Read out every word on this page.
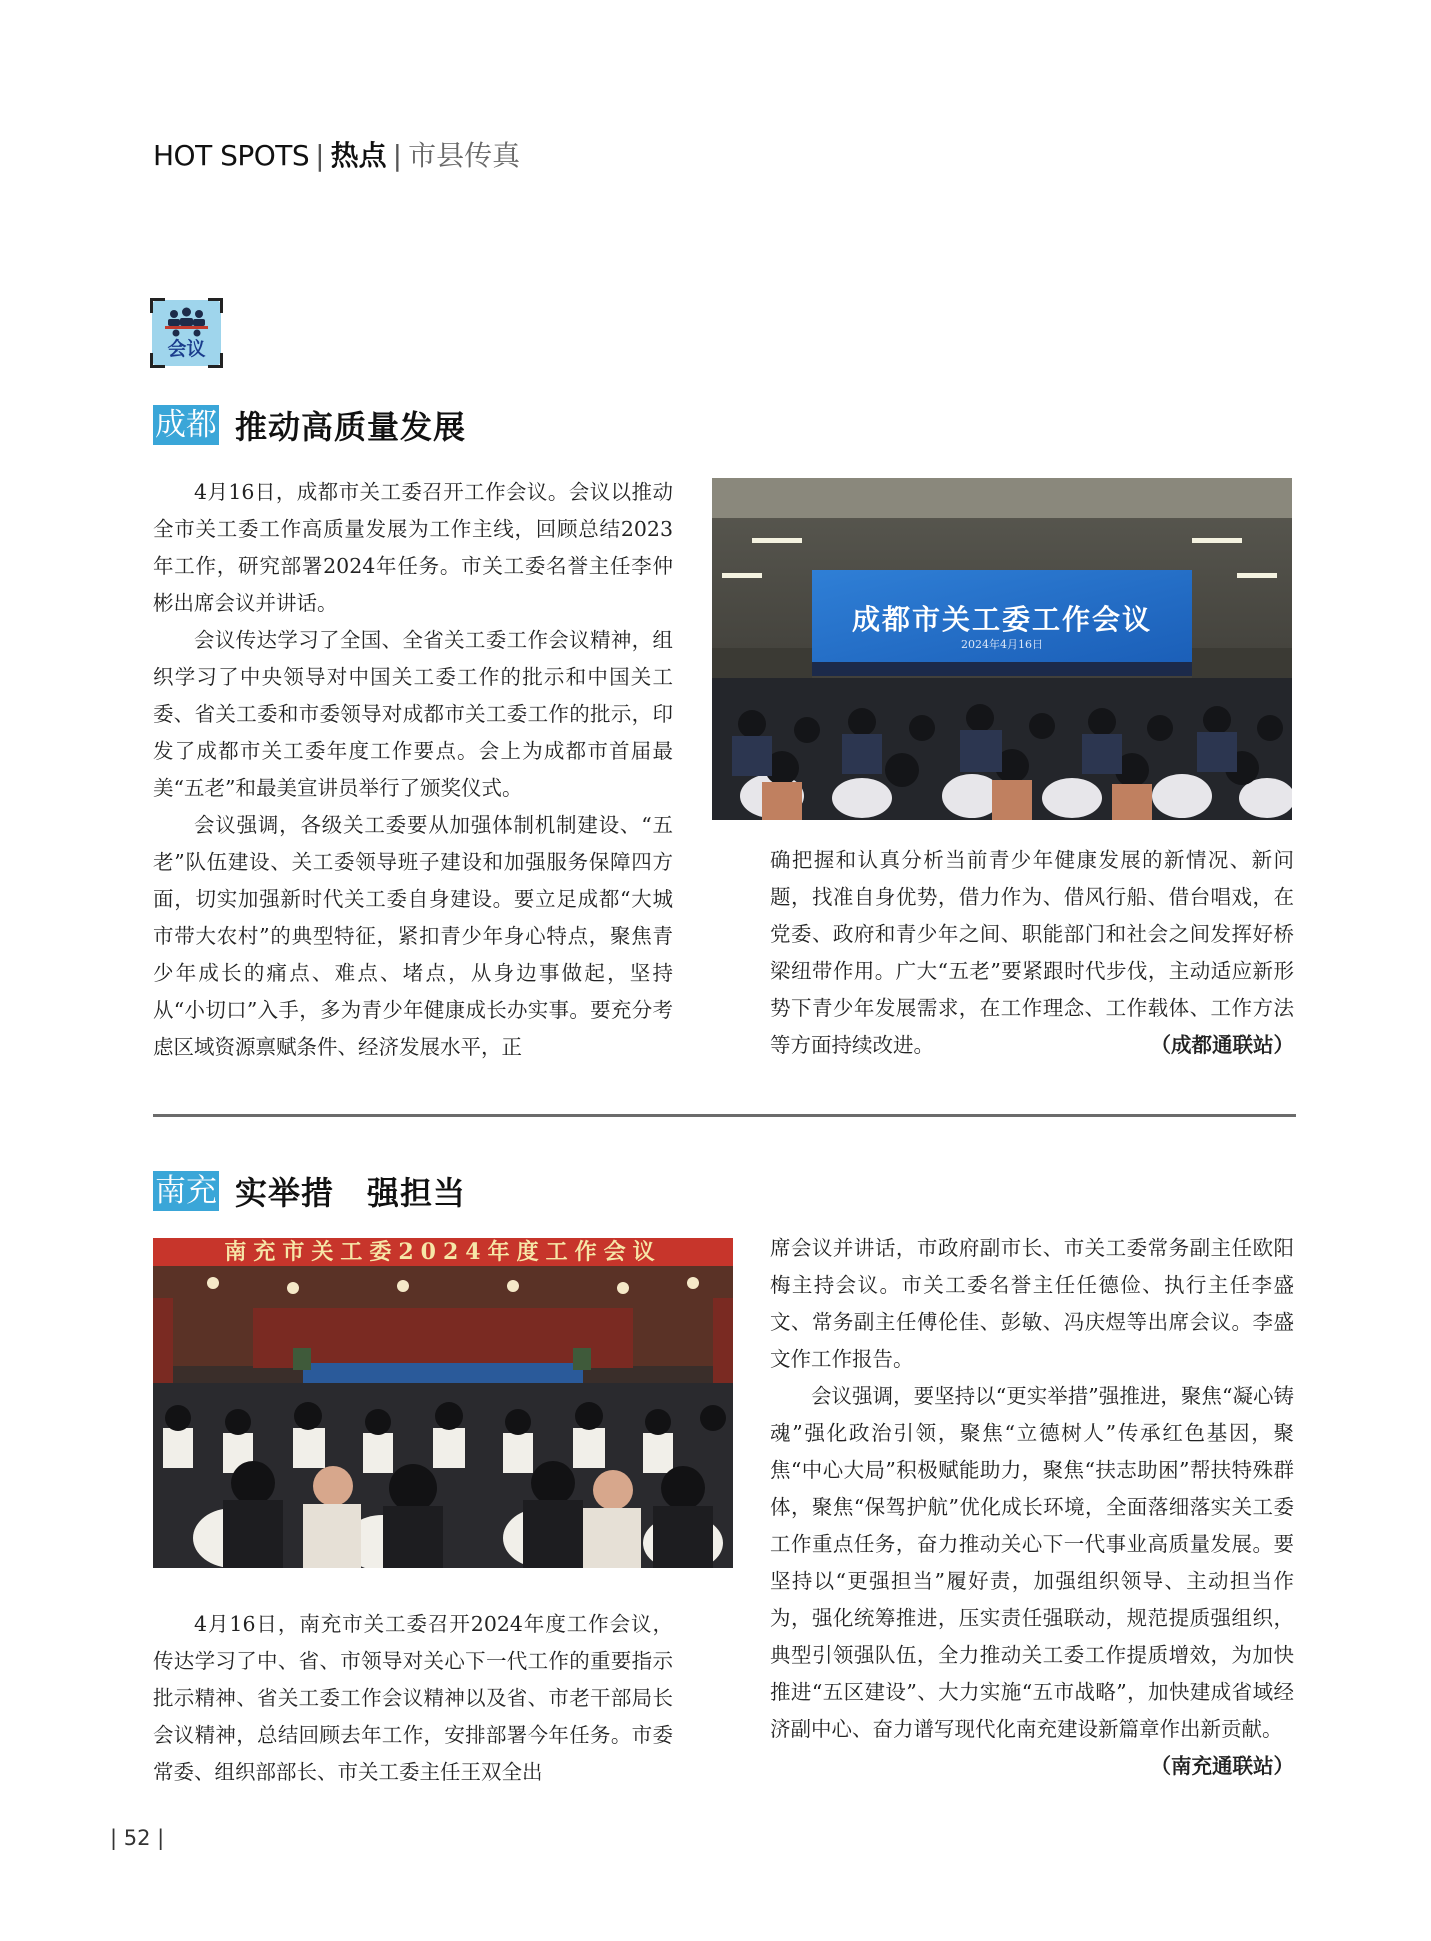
HOT SPOTS | 热点 | 市县传真
会议
成都 推动高质量发展

4月16日，成都市关工委召开工作会议。会议以推动全市关工委工作高质量发展为工作主线，回顾总结2023年工作，研究部署2024年任务。市关工委名誉主任李仲彬出席会议并讲话。

会议传达学习了全国、全省关工委工作会议精神，组织学习了中央领导对中国关工委工作的批示和中国关工委、省关工委和市委领导对成都市关工委工作的批示，印发了成都市关工委年度工作要点。会上为成都市首届最美“五老”和最美宣讲员举行了颁奖仪式。

会议强调，各级关工委要从加强体制机制建设、“五老”队伍建设、关工委领导班子建设和加强服务保障四方面，切实加强新时代关工委自身建设。要立足成都“大城市带大农村”的典型特征，紧扣青少年身心特点，聚焦青少年成长的痛点、难点、堵点，从身边事做起，坚持从“小切口”入手，多为青少年健康成长办实事。要充分考虑区域资源禀赋条件、经济发展水平，正

成都市关工委工作会议
2024年4月16日

确把握和认真分析当前青少年健康发展的新情况、新问题，找准自身优势，借力作为、借风行船、借台唱戏，在党委、政府和青少年之间、职能部门和社会之间发挥好桥梁纽带作用。广大“五老”要紧跟时代步伐，主动适应新形势下青少年发展需求，在工作理念、工作载体、工作方法等方面持续改进。	（成都通联站）

南充 实举措　强担当
南充市关工委2024年度工作会议

4月16日，南充市关工委召开2024年度工作会议，传达学习了中、省、市领导对关心下一代工作的重要指示批示精神、省关工委工作会议精神以及省、市老干部局长会议精神，总结回顾去年工作，安排部署今年任务。市委常委、组织部部长、市关工委主任王双全出

席会议并讲话，市政府副市长、市关工委常务副主任欧阳梅主持会议。市关工委名誉主任任德俭、执行主任李盛文、常务副主任傅伦佳、彭敏、冯庆煜等出席会议。李盛文作工作报告。

会议强调，要坚持以“更实举措”强推进，聚焦“凝心铸魂”强化政治引领，聚焦“立德树人”传承红色基因，聚焦“中心大局”积极赋能助力，聚焦“扶志助困”帮扶特殊群体，聚焦“保驾护航”优化成长环境，全面落细落实关工委工作重点任务，奋力推动关心下一代事业高质量发展。要坚持以“更强担当”履好责，加强组织领导、主动担当作为，强化统筹推进，压实责任强联动，规范提质强组织，典型引领强队伍，全力推动关工委工作提质增效，为加快推进“五区建设”、大力实施“五市战略”，加快建成省域经济副中心、奋力谱写现代化南充建设新篇章作出新贡献。
（南充通联站）

| 52 |
